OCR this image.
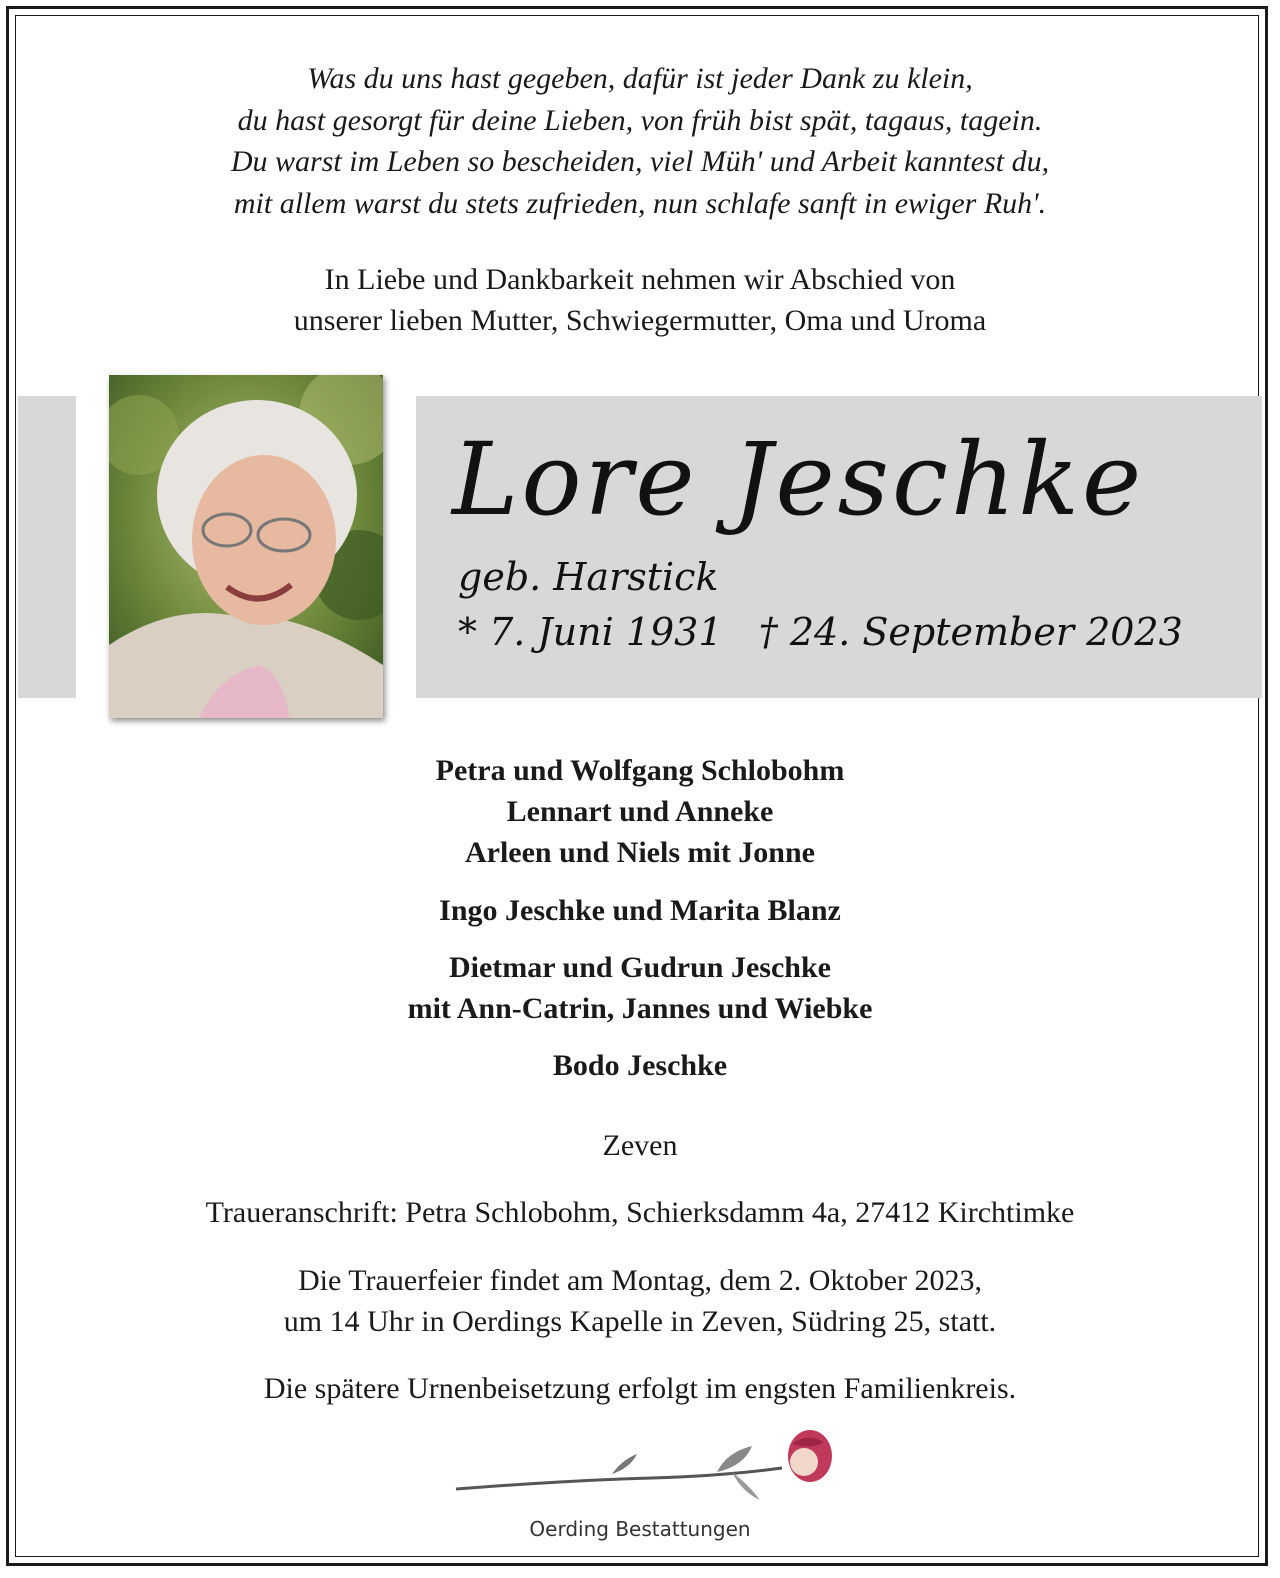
Was du uns hast gegeben, dafür ist jeder Dank zu klein,
du hast gesorgt für deine Lieben, von früh bist spät, tagaus, tagein.
Du warst im Leben so bescheiden, viel Müh' und Arbeit kanntest du,
mit allem warst du stets zufrieden, nun schlafe sanft in ewiger Ruh'.
In Liebe und Dankbarkeit nehmen wir Abschied von
unserer lieben Mutter, Schwiegermutter, Oma und Uroma
Lore Jeschke
geb. Harstick
* 7. Juni 1931 † 24. September 2023
Petra und Wolfgang Schlobohm
Lennart und Anneke
Arleen und Niels mit Jonne
Ingo Jeschke und Marita Blanz
Dietmar und Gudrun Jeschke
mit Ann-Catrin, Jannes und Wiebke
Bodo Jeschke
Zeven
Traueranschrift: Petra Schlobohm, Schierksdamm 4a, 27412 Kirchtimke
Die Trauerfeier findet am Montag, dem 2. Oktober 2023,
um 14 Uhr in Oerdings Kapelle in Zeven, Südring 25, statt.
Die spätere Urnenbeisetzung erfolgt im engsten Familienkreis.
Oerding Bestattungen
